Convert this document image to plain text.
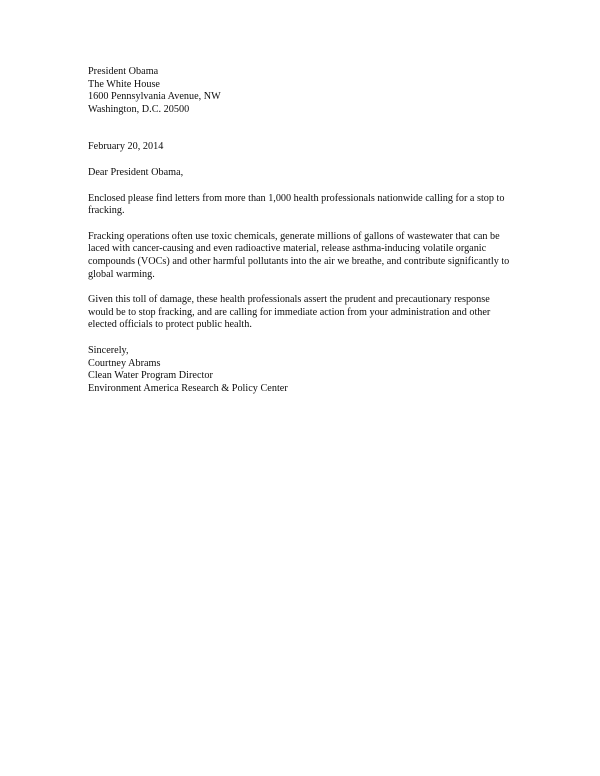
President Obama
The White House
1600 Pennsylvania Avenue, NW
Washington, D.C. 20500
February 20, 2014
Dear President Obama,
Enclosed please find letters from more than 1,000 health professionals nationwide calling for a stop to fracking.
Fracking operations often use toxic chemicals, generate millions of gallons of wastewater that can be laced with cancer-causing and even radioactive material, release asthma-inducing volatile organic compounds (VOCs) and other harmful pollutants into the air we breathe, and contribute significantly to global warming.
Given this toll of damage, these health professionals assert the prudent and precautionary response would be to stop fracking, and are calling for immediate action from your administration and other elected officials to protect public health.
Sincerely,
Courtney Abrams
Clean Water Program Director
Environment America Research & Policy Center
